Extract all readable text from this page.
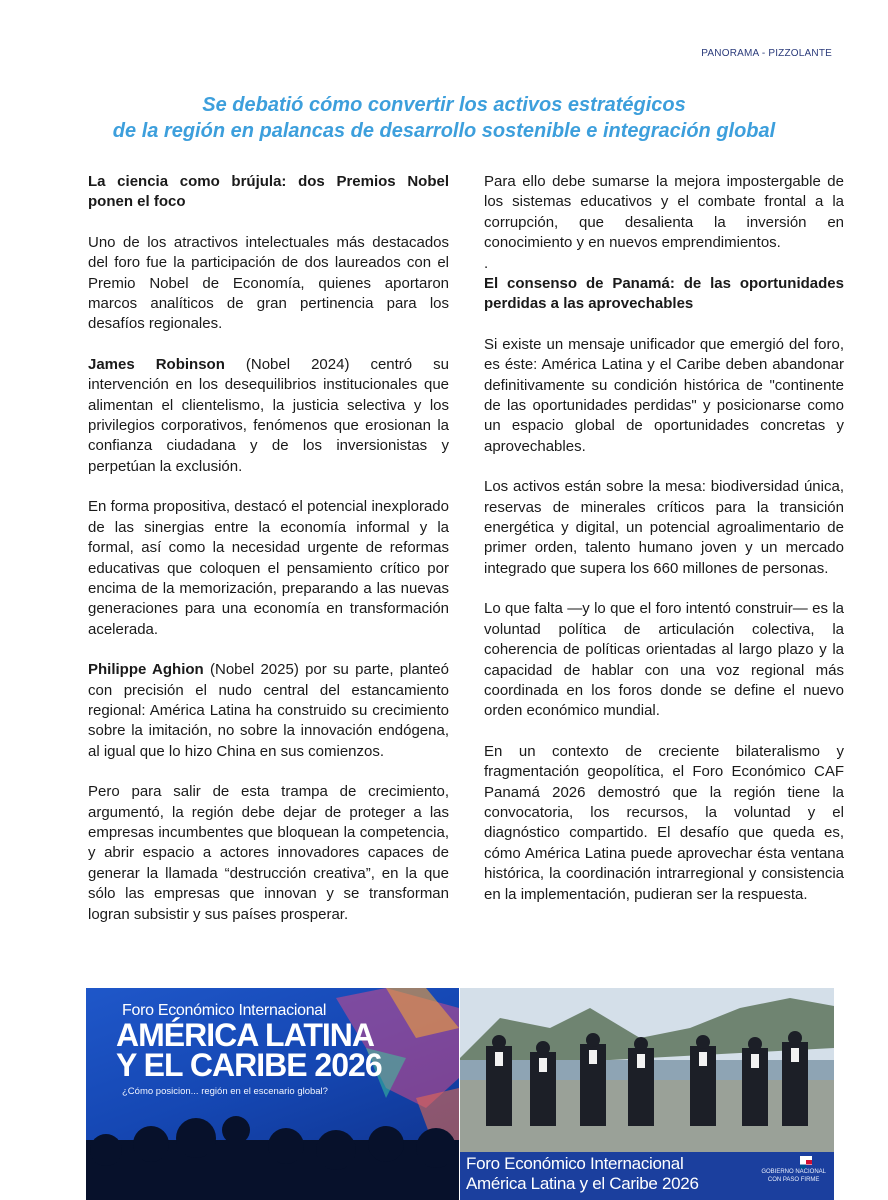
PANORAMA - PIZZOLANTE
Se debatió cómo convertir los activos estratégicos
de la región en palancas de desarrollo sostenible e integración global
La ciencia como brújula: dos Premios Nobel ponen el foco

Uno de los atractivos intelectuales más destacados del foro fue la participación de dos laureados con el Premio Nobel de Economía, quienes aportaron marcos analíticos de gran pertinencia para los desafíos regionales.

James Robinson (Nobel 2024) centró su intervención en los desequilibrios institucionales que alimentan el clientelismo, la justicia selectiva y los privilegios corporativos, fenómenos que erosionan la confianza ciudadana y de los inversionistas y perpetúan la exclusión.

En forma propositiva, destacó el potencial inexplorado de las sinergias entre la economía informal y la formal, así como la necesidad urgente de reformas educativas que coloquen el pensamiento crítico por encima de la memorización, preparando a las nuevas generaciones para una economía en transformación acelerada.

Philippe Aghion (Nobel 2025) por su parte, planteó con precisión el nudo central del estancamiento regional: América Latina ha construido su crecimiento sobre la imitación, no sobre la innovación endógena, al igual que lo hizo China en sus comienzos.

Pero para salir de esta trampa de crecimiento, argumentó, la región debe dejar de proteger a las empresas incumbentes que bloquean la competencia, y abrir espacio a actores innovadores capaces de generar la llamada “destrucción creativa”, en la que sólo las empresas que innovan y se transforman logran subsistir y sus países prosperar.

Para ello debe sumarse la mejora impostergable de los sistemas educativos y el combate frontal a la corrupción, que desalienta la inversión en conocimiento y en nuevos emprendimientos.

.

El consenso de Panamá: de las oportunidades perdidas a las aprovechables

Si existe un mensaje unificador que emergió del foro, es éste: América Latina y el Caribe deben abandonar definitivamente su condición histórica de "continente de las oportunidades perdidas" y posicionarse como un espacio global de oportunidades concretas y aprovechables.

Los activos están sobre la mesa: biodiversidad única, reservas de minerales críticos para la transición energética y digital, un potencial agroalimentario de primer orden, talento humano joven y un mercado integrado que supera los 660 millones de personas.

Lo que falta —y lo que el foro intentó construir— es la voluntad política de articulación colectiva, la coherencia de políticas orientadas al largo plazo y la capacidad de hablar con una voz regional más coordinada en los foros donde se define el nuevo orden económico mundial.

En un contexto de creciente bilateralismo y fragmentación geopolítica, el Foro Económico CAF Panamá 2026 demostró que la región tiene la convocatoria, los recursos, la voluntad y el diagnóstico compartido. El desafío que queda es, cómo América Latina puede aprovechar ésta ventana histórica, la coordinación intrarregional y consistencia en la implementación, pudieran ser la respuesta.

Foro Económico Internacional
AMÉRICA LATINA
Y EL CARIBE 2026
¿Cómo posicion... región en el escenario global?
Foro Económico Internacional
América Latina y el Caribe 2026
GOBIERNO NACIONAL
CON PASO FIRME
